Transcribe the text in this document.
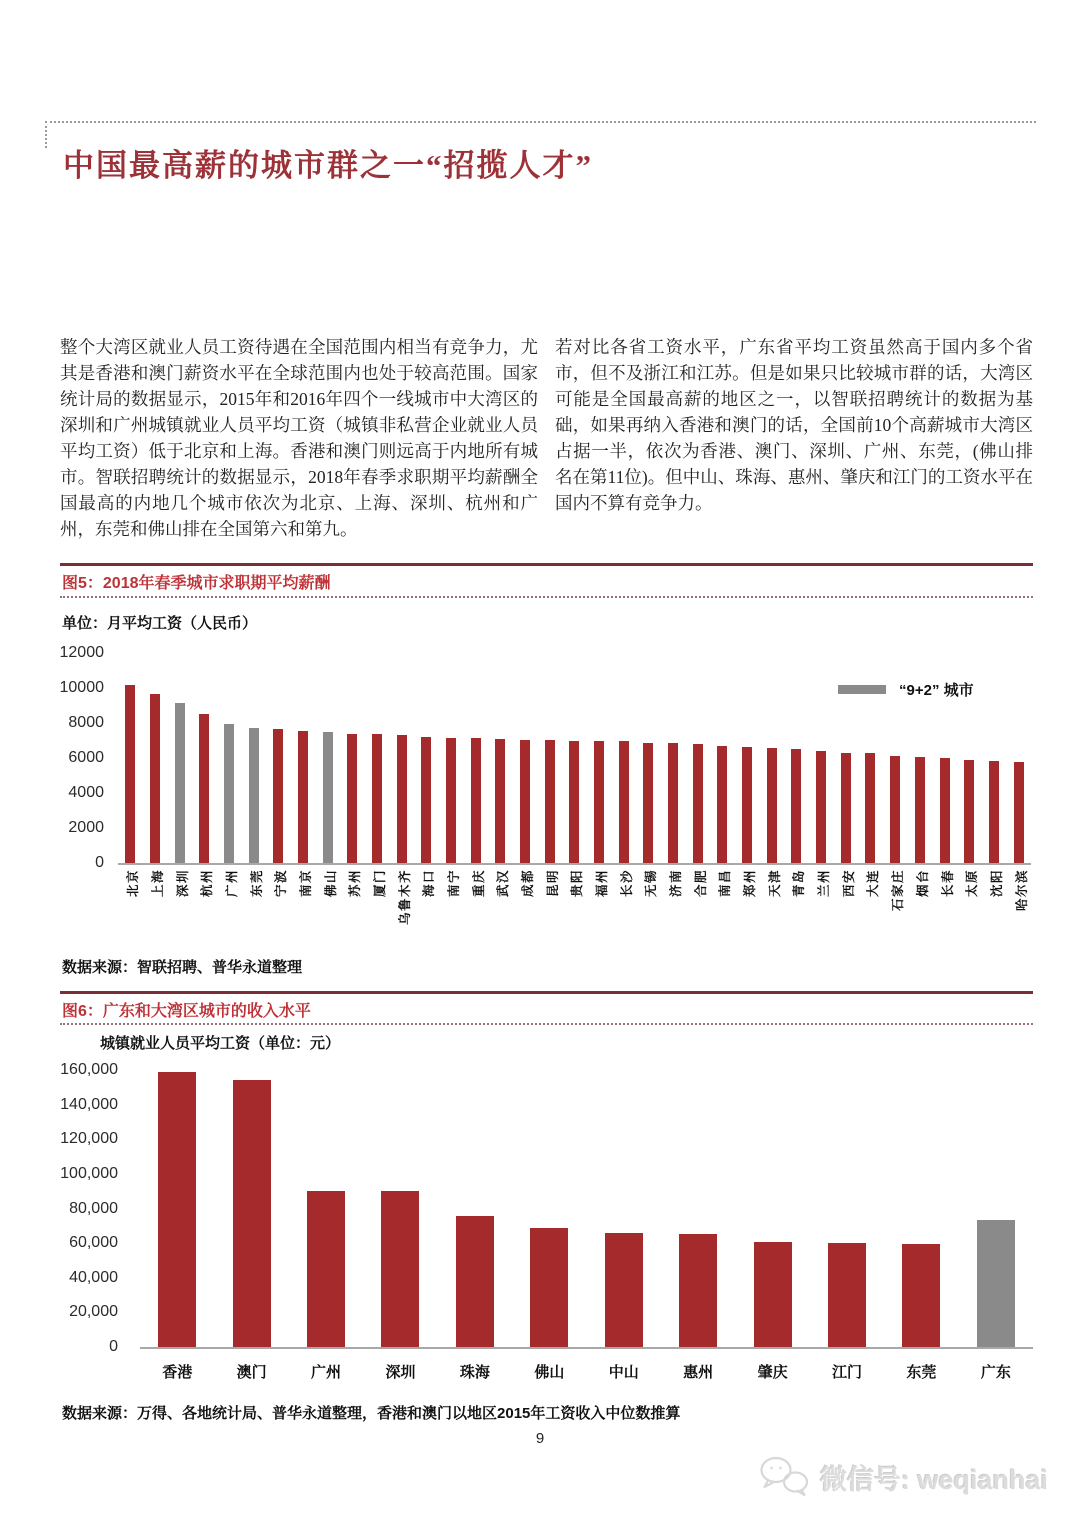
中国最高薪的城市群之一“招揽人才”

整个大湾区就业人员工资待遇在全国范围内相当有竞争力，尤其是香港和澳门薪资水平在全球范围内也处于较高范围。国家统计局的数据显示，2015年和2016年四个一线城市中大湾区的深圳和广州城镇就业人员平均工资（城镇非私营企业就业人员平均工资）低于北京和上海。香港和澳门则远高于内地所有城市。智联招聘统计的数据显示，2018年春季求职期平均薪酬全国最高的内地几个城市依次为北京、上海、深圳、杭州和广州，东莞和佛山排在全国第六和第九。

若对比各省工资水平，广东省平均工资虽然高于国内多个省市，但不及浙江和江苏。但是如果只比较城市群的话，大湾区可能是全国最高薪的地区之一，以智联招聘统计的数据为基础，如果再纳入香港和澳门的话，全国前10个高薪城市大湾区占据一半，依次为香港、澳门、深圳、广州、东莞，(佛山排名在第11位)。但中山、珠海、惠州、肇庆和江门的工资水平在国内不算有竞争力。

图5：2018年春季城市求职期平均薪酬
单位：月平均工资（人民币）
0
2000
4000
6000
8000
10000
12000
北京 上海 深圳 杭州 广州 东莞 宁波 南京 佛山 苏州 厦门 乌鲁木齐 海口 南宁 重庆 武汉 成都 昆明 贵阳 福州 长沙 无锡 济南 合肥 南昌 郑州 天津 青岛 兰州 西安 大连 石家庄 烟台 长春 太原 沈阳 哈尔滨
“9+2” 城市
数据来源：智联招聘、普华永道整理
图6：广东和大湾区城市的收入水平
城镇就业人员平均工资（单位：元）
0
20,000
40,000
60,000
80,000
100,000
120,000
140,000
160,000
香港	澳门	广州	深圳	珠海	佛山	中山	惠州	肇庆	江门	东莞	广东
数据来源：万得、各地统计局、普华永道整理，香港和澳门以地区2015年工资收入中位数推算
9
微信号: weqianhai
